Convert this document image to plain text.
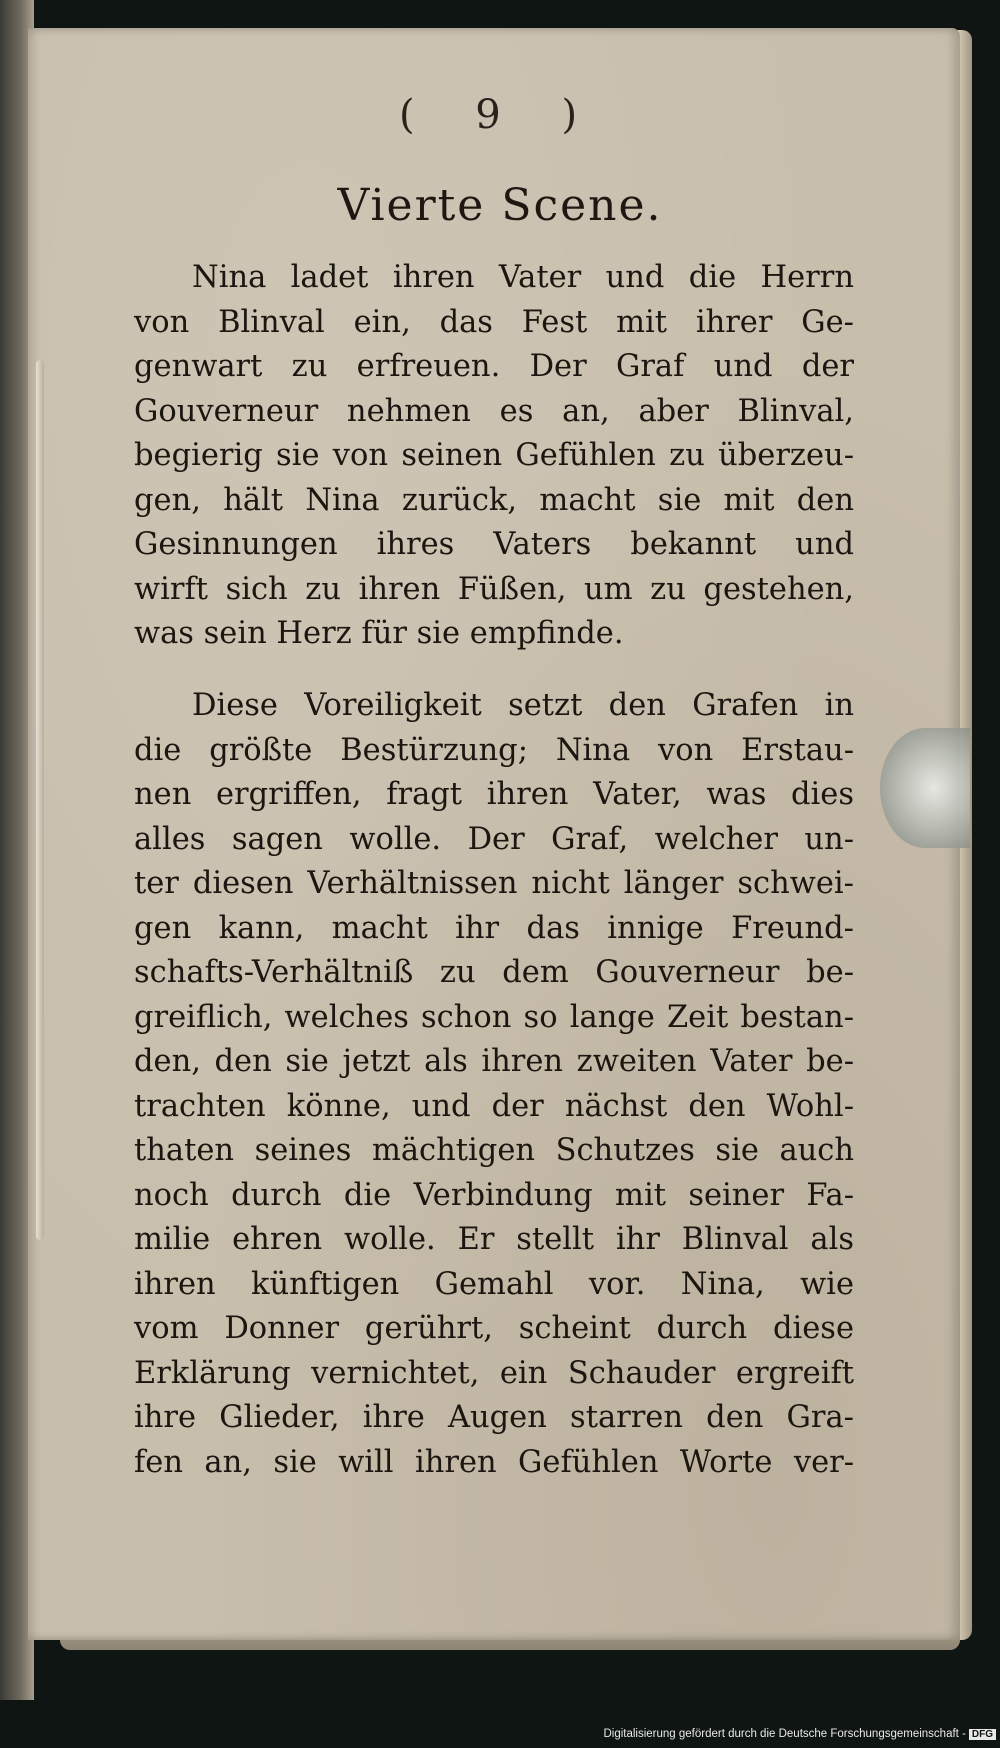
( 9 )
Vierte Scene.
Nina ladet ihren Vater und die Herrn
von Blinval ein, das Fest mit ihrer Ge-
genwart zu erfreuen. Der Graf und der
Gouverneur nehmen es an, aber Blinval,
begierig sie von seinen Gefühlen zu überzeu-
gen, hält Nina zurück, macht sie mit den
Gesinnungen ihres Vaters bekannt und
wirft sich zu ihren Füßen, um zu gestehen,
was sein Herz für sie empfinde.
Diese Voreiligkeit setzt den Grafen in
die größte Bestürzung; Nina von Erstau-
nen ergriffen, fragt ihren Vater, was dies
alles sagen wolle. Der Graf, welcher un-
ter diesen Verhältnissen nicht länger schwei-
gen kann, macht ihr das innige Freund-
schafts-Verhältniß zu dem Gouverneur be-
greiflich, welches schon so lange Zeit bestan-
den, den sie jetzt als ihren zweiten Vater be-
trachten könne, und der nächst den Wohl-
thaten seines mächtigen Schutzes sie auch
noch durch die Verbindung mit seiner Fa-
milie ehren wolle. Er stellt ihr Blinval als
ihren künftigen Gemahl vor. Nina, wie
vom Donner gerührt, scheint durch diese
Erklärung vernichtet, ein Schauder ergreift
ihre Glieder, ihre Augen starren den Gra-
fen an, sie will ihren Gefühlen Worte ver-
Digitalisierung gefördert durch die Deutsche Forschungsgemeinschaft - DFG
